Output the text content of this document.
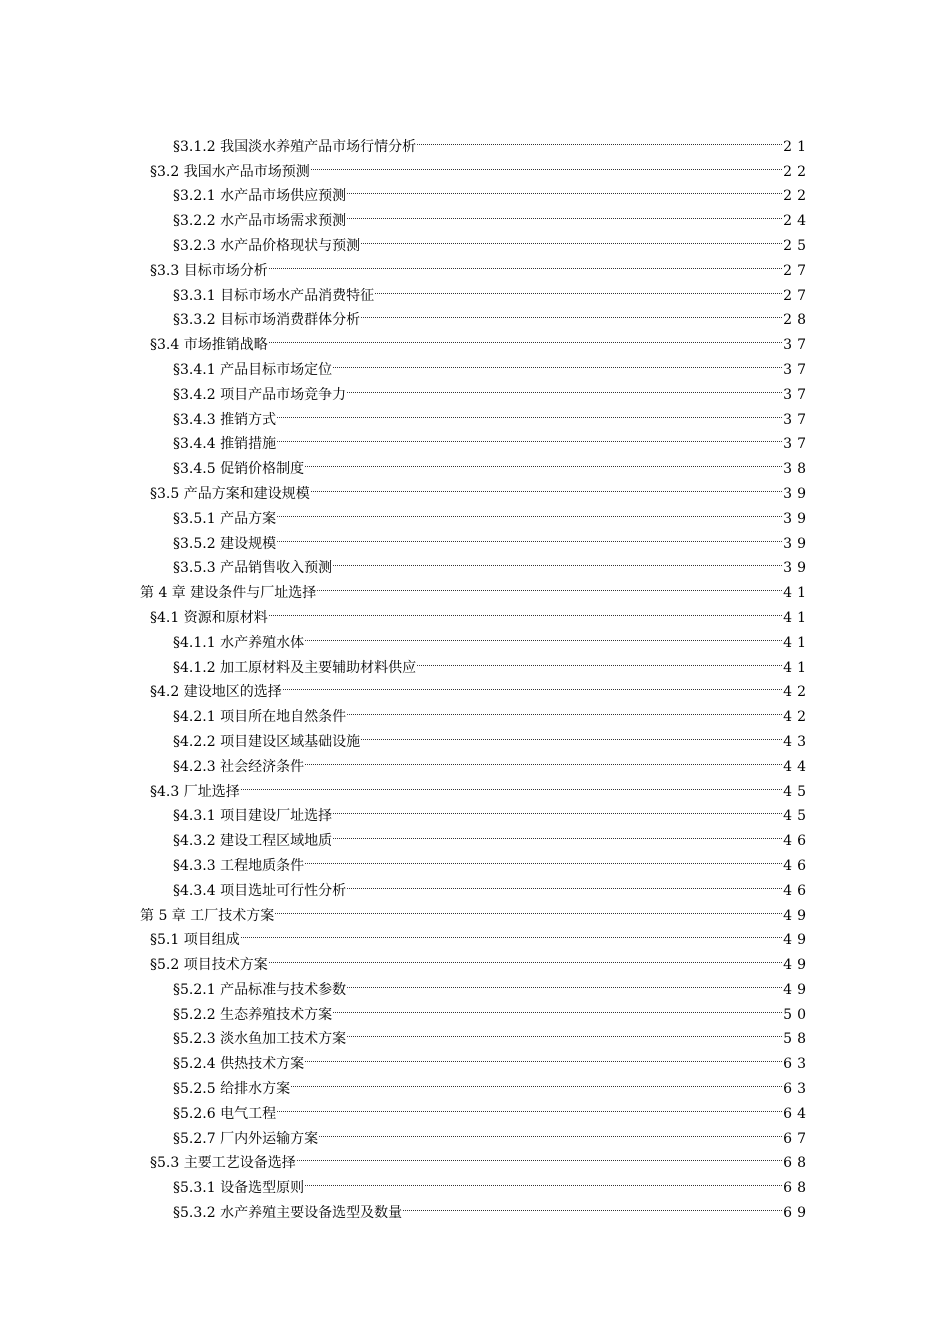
§3.1.2 我国淡水养殖产品市场行情分析	21
§3.2 我国水产品市场预测	22
§3.2.1 水产品市场供应预测	22
§3.2.2 水产品市场需求预测	24
§3.2.3 水产品价格现状与预测	25
§3.3 目标市场分析	27
§3.3.1 目标市场水产品消费特征	27
§3.3.2 目标市场消费群体分析	28
§3.4 市场推销战略	37
§3.4.1 产品目标市场定位	37
§3.4.2 项目产品市场竞争力	37
§3.4.3 推销方式	37
§3.4.4 推销措施	37
§3.4.5 促销价格制度	38
§3.5 产品方案和建设规模	39
§3.5.1 产品方案	39
§3.5.2 建设规模	39
§3.5.3 产品销售收入预测	39
第 4 章 建设条件与厂址选择	41
§4.1 资源和原材料	41
§4.1.1 水产养殖水体	41
§4.1.2 加工原材料及主要辅助材料供应	41
§4.2 建设地区的选择	42
§4.2.1 项目所在地自然条件	42
§4.2.2 项目建设区域基础设施	43
§4.2.3 社会经济条件	44
§4.3 厂址选择	45
§4.3.1 项目建设厂址选择	45
§4.3.2 建设工程区域地质	46
§4.3.3 工程地质条件	46
§4.3.4 项目选址可行性分析	46
第 5 章 工厂技术方案	49
§5.1 项目组成	49
§5.2 项目技术方案	49
§5.2.1 产品标准与技术参数	49
§5.2.2 生态养殖技术方案	50
§5.2.3 淡水鱼加工技术方案	58
§5.2.4 供热技术方案	63
§5.2.5 给排水方案	63
§5.2.6 电气工程	64
§5.2.7 厂内外运输方案	67
§5.3 主要工艺设备选择	68
§5.3.1 设备选型原则	68
§5.3.2 水产养殖主要设备选型及数量	69
